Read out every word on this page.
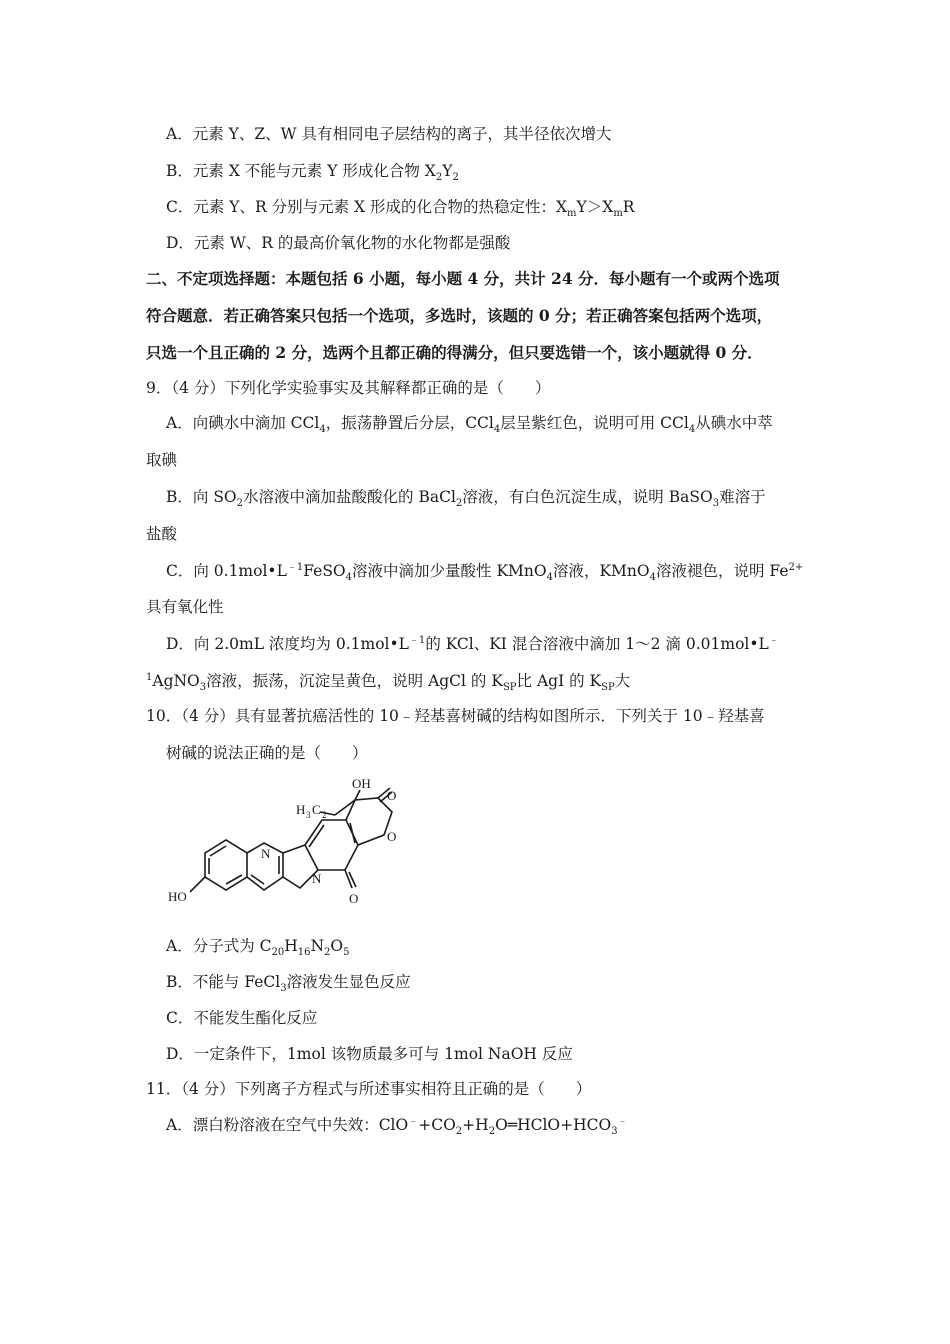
A．元素 Y、Z、W 具有相同电子层结构的离子，其半径依次增大
B．元素 X 不能与元素 Y 形成化合物 $X_2Y_2$
C．元素 Y、R 分别与元素 X 形成的化合物的热稳定性：$X_mY>X_mR$
D．元素 W、R 的最高价氧化物的水化物都是强酸
二、不定项选择题：本题包括 6 小题，每小题 4 分，共计 24 分．每小题有一个或两个选项
符合题意．若正确答案只包括一个选项，多选时，该题的 0 分；若正确答案包括两个选项，
只选一个且正确的 2 分，选两个且都正确的得满分，但只要选错一个，该小题就得 0 分．
9．（4 分）下列化学实验事实及其解释都正确的是（　　）
A．向碘水中滴加 CCl$_4$，振荡静置后分层，CCl$_4$层呈紫红色，说明可用 CCl$_4$从碘水中萃
取碘
B．向 $SO_2$水溶液中滴加盐酸酸化的 BaCl$_2$溶液，有白色沉淀生成，说明 BaSO$_3$难溶于
盐酸
C．向 $0.1mol•L^{﹣1}FeSO_4$溶液中滴加少量酸性 KMnO$_4$溶液，KMnO$_4$溶液褪色，说明 $Fe^{2+}$
具有氧化性
D．向 2.0mL 浓度均为 $0.1mol•L^{﹣1}$的 KCl、KI 混合溶液中滴加 1～2 滴 0.01mol•L﹣
$^1$AgNO$_3$溶液，振荡，沉淀呈黄色，说明 AgCl 的 $K_{SP}$比 AgI 的 $K_{SP}$大
10．（4 分）具有显著抗癌活性的 10﹣羟基喜树碱的结构如图所示．下列关于 10﹣羟基喜
树碱的说法正确的是（　　）
OH
H 3 C 2
O
O
N
N
O
HO
A．分子式为 $C_{20}H_{16}N_2O_5$
B．不能与 FeCl$_3$溶液发生显色反应
C．不能发生酯化反应
D．一定条件下，1mol 该物质最多可与 1mol NaOH 反应
11．（4 分）下列离子方程式与所述事实相符且正确的是（　　）
A．漂白粉溶液在空气中失效：$ClO^﹣+CO_2+H_2O═HClO+HCO_3^﹣$
